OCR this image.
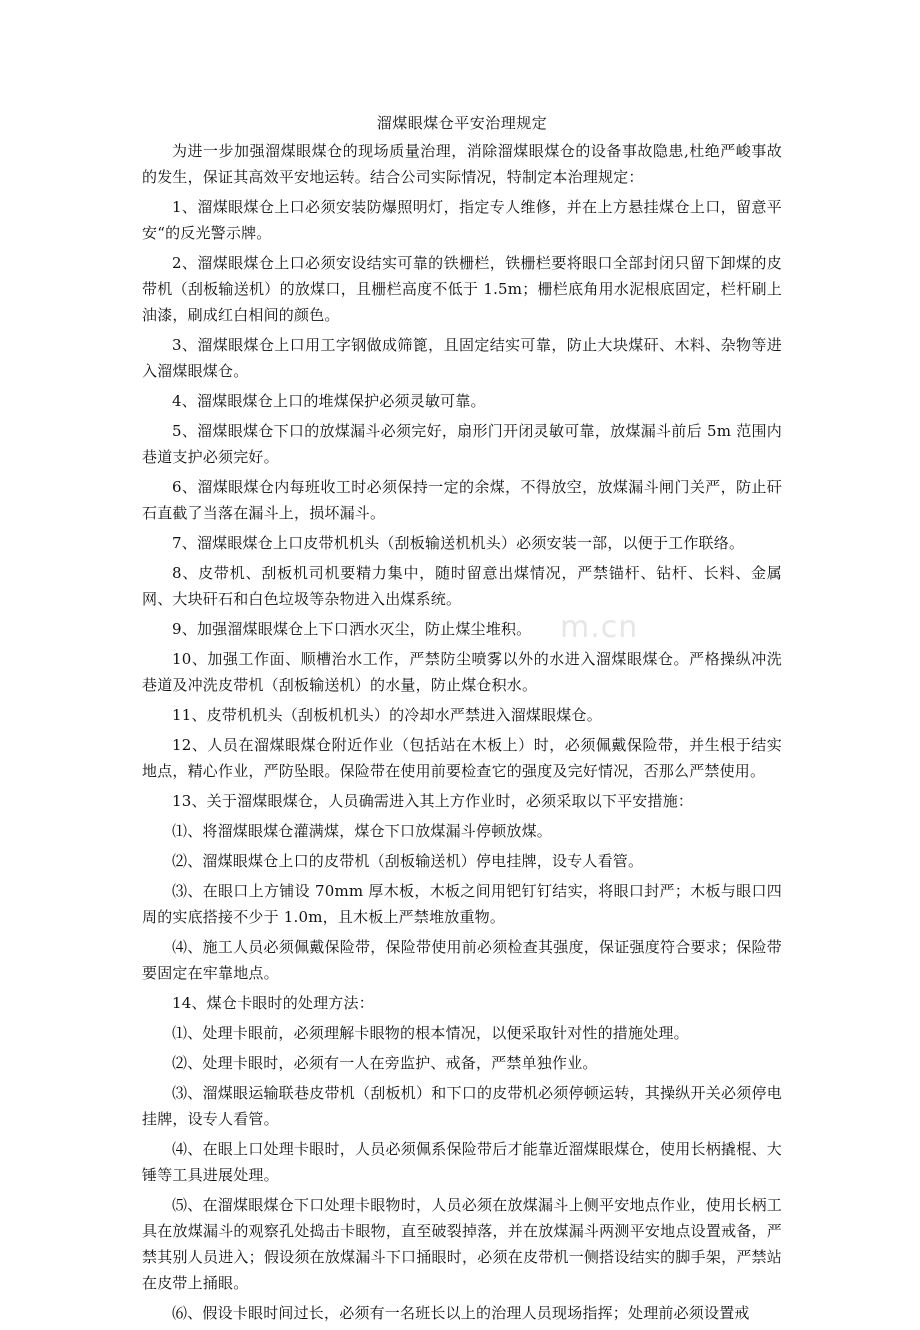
溜煤眼煤仓平安治理规定

为进一步加强溜煤眼煤仓的现场质量治理，消除溜煤眼煤仓的设备事故隐患,杜绝严峻事故的发生，保证其高效平安地运转。结合公司实际情况，特制定本治理规定：

1、溜煤眼煤仓上口必须安装防爆照明灯，指定专人维修，并在上方悬挂煤仓上口，留意平安“的反光警示牌。

2、溜煤眼煤仓上口必须安设结实可靠的铁栅栏，铁栅栏要将眼口全部封闭只留下卸煤的皮带机（刮板输送机）的放煤口，且栅栏高度不低于 1.5m；栅栏底角用水泥根底固定，栏杆刷上油漆，刷成红白相间的颜色。

3、溜煤眼煤仓上口用工字钢做成筛篦，且固定结实可靠，防止大块煤矸、木料、杂物等进入溜煤眼煤仓。

4、溜煤眼煤仓上口的堆煤保护必须灵敏可靠。

5、溜煤眼煤仓下口的放煤漏斗必须完好，扇形门开闭灵敏可靠，放煤漏斗前后 5m 范围内巷道支护必须完好。

6、溜煤眼煤仓内每班收工时必须保持一定的余煤，不得放空，放煤漏斗闸门关严，防止矸石直截了当落在漏斗上，损坏漏斗。

7、溜煤眼煤仓上口皮带机机头（刮板输送机机头）必须安装一部，以便于工作联络。

8、皮带机、刮板机司机要精力集中，随时留意出煤情况，严禁锚杆、钻杆、长料、金属网、大块矸石和白色垃圾等杂物进入出煤系统。

9、加强溜煤眼煤仓上下口洒水灭尘，防止煤尘堆积。

10、加强工作面、顺槽治水工作，严禁防尘喷雾以外的水进入溜煤眼煤仓。严格操纵冲洗巷道及冲洗皮带机（刮板输送机）的水量，防止煤仓积水。

11、皮带机机头（刮板机机头）的冷却水严禁进入溜煤眼煤仓。

12、人员在溜煤眼煤仓附近作业（包括站在木板上）时，必须佩戴保险带，并生根于结实地点，精心作业，严防坠眼。保险带在使用前要检查它的强度及完好情况，否那么严禁使用。

13、关于溜煤眼煤仓，人员确需进入其上方作业时，必须采取以下平安措施：

⑴、将溜煤眼煤仓灌满煤，煤仓下口放煤漏斗停顿放煤。

⑵、溜煤眼煤仓上口的皮带机（刮板输送机）停电挂牌，设专人看管。

⑶、在眼口上方铺设 70mm 厚木板，木板之间用钯钉钉结实，将眼口封严；木板与眼口四周的实底搭接不少于 1.0m，且木板上严禁堆放重物。

⑷、施工人员必须佩戴保险带，保险带使用前必须检查其强度，保证强度符合要求；保险带要固定在牢靠地点。

14、煤仓卡眼时的处理方法：

⑴、处理卡眼前，必须理解卡眼物的根本情况，以便采取针对性的措施处理。

⑵、处理卡眼时，必须有一人在旁监护、戒备，严禁单独作业。

⑶、溜煤眼运输联巷皮带机（刮板机）和下口的皮带机必须停顿运转，其操纵开关必须停电挂牌，设专人看管。

⑷、在眼上口处理卡眼时，人员必须佩系保险带后才能靠近溜煤眼煤仓，使用长柄撬棍、大锤等工具进展处理。

⑸、在溜煤眼煤仓下口处理卡眼物时，人员必须在放煤漏斗上侧平安地点作业，使用长柄工具在放煤漏斗的观察孔处捣击卡眼物，直至破裂掉落，并在放煤漏斗两测平安地点设置戒备，严禁其别人员进入；假设须在放煤漏斗下口捅眼时，必须在皮带机一侧搭设结实的脚手架，严禁站在皮带上捅眼。

⑹、假设卡眼时间过长，必须有一名班长以上的治理人员现场指挥；处理前必须设置戒

m.cn
